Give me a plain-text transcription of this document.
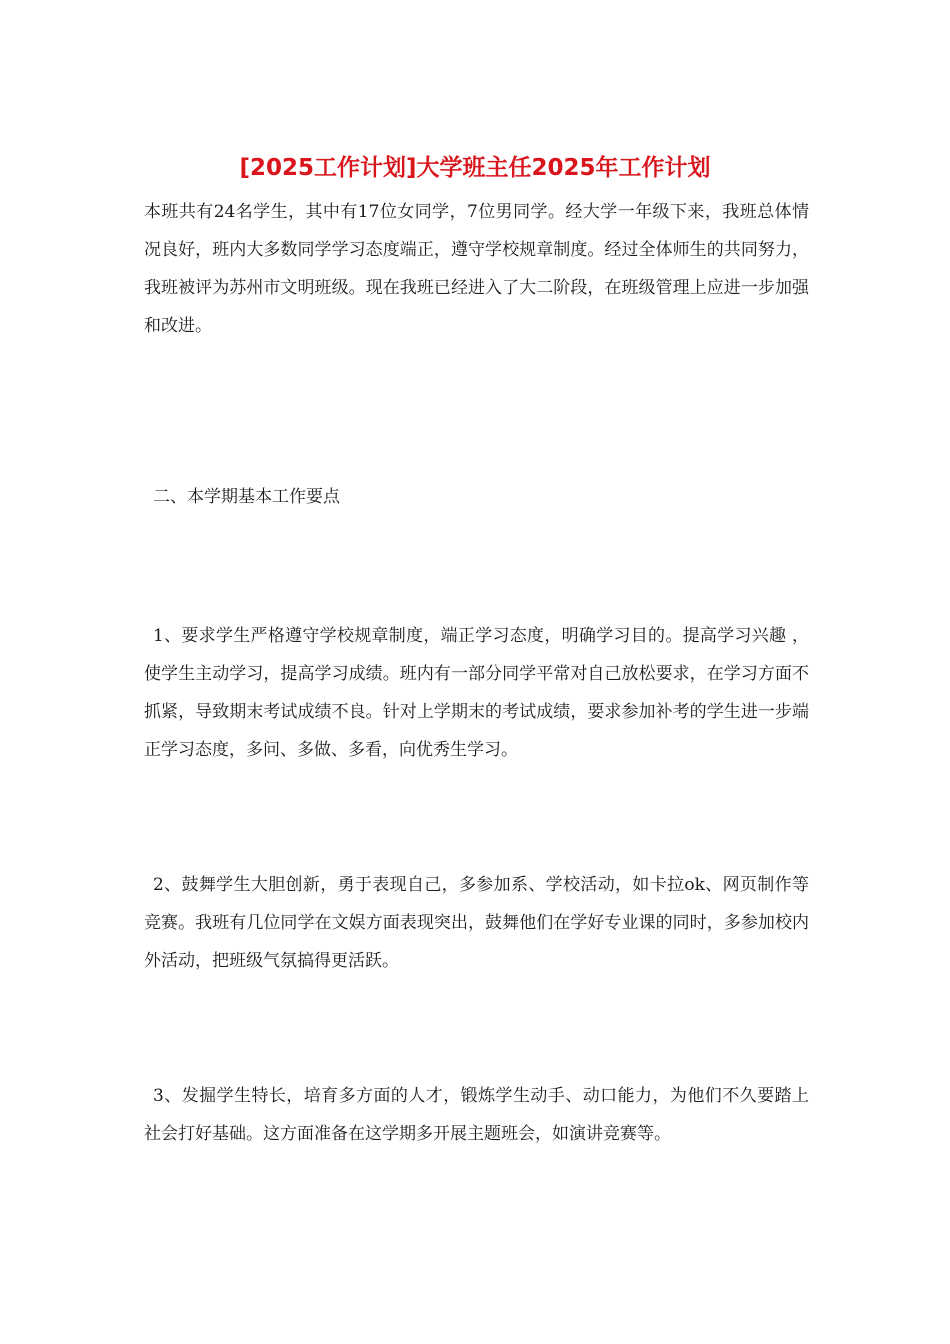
[2025工作计划]大学班主任2025年工作计划

本班共有24名学生，其中有17位女同学，7位男同学。经大学一年级下来，我班总体情况良好，班内大多数同学学习态度端正，遵守学校规章制度。经过全体师生的共同努力，我班被评为苏州市文明班级。现在我班已经进入了大二阶段，在班级管理上应进一步加强和改进。

二、本学期基本工作要点

1、要求学生严格遵守学校规章制度，端正学习态度，明确学习目的。提高学习兴趣 ，使学生主动学习，提高学习成绩。班内有一部分同学平常对自己放松要求，在学习方面不抓紧，导致期末考试成绩不良。针对上学期末的考试成绩，要求参加补考的学生进一步端正学习态度，多问、多做、多看，向优秀生学习。

2、鼓舞学生大胆创新，勇于表现自己，多参加系、学校活动，如卡拉ok、网页制作等竞赛。我班有几位同学在文娱方面表现突出，鼓舞他们在学好专业课的同时，多参加校内外活动，把班级气氛搞得更活跃。

3、发掘学生特长，培育多方面的人才，锻炼学生动手、动口能力，为他们不久要踏上社会打好基础。这方面准备在这学期多开展主题班会，如演讲竞赛等。
